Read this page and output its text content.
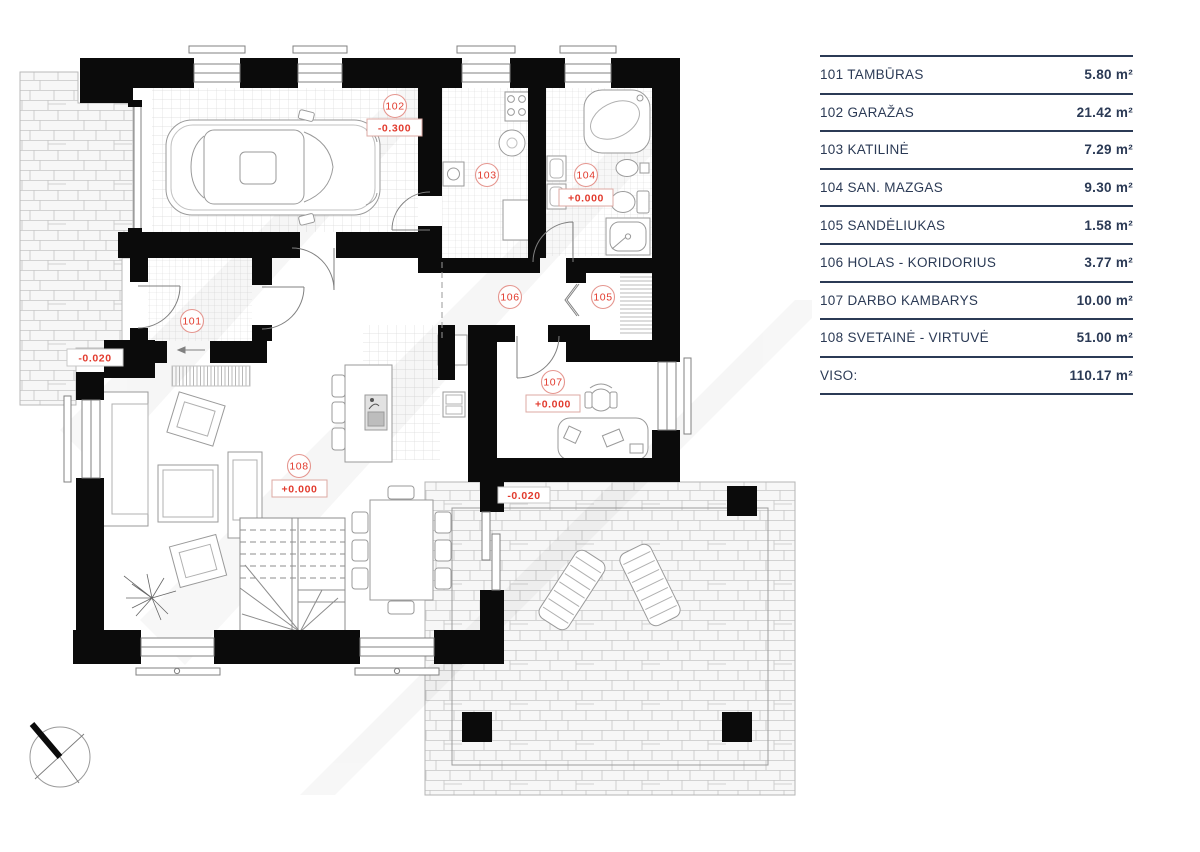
101
102
-0.300
103	104
+0.000
105
106
107
+0.000
108
+0.000
-0.020
-0.020
101 TAMBŪRAS	5.80 m²
102 GARAŽAS	21.42 m²
103 KATILINĖ	7.29 m²
104 SAN. MAZGAS	9.30 m²
105 SANDĖLIUKAS	1.58 m²
106 HOLAS - KORIDORIUS	3.77 m²
107 DARBO KAMBARYS	10.00 m²
108 SVETAINĖ - VIRTUVĖ	51.00 m²
VISO:	110.17 m²
